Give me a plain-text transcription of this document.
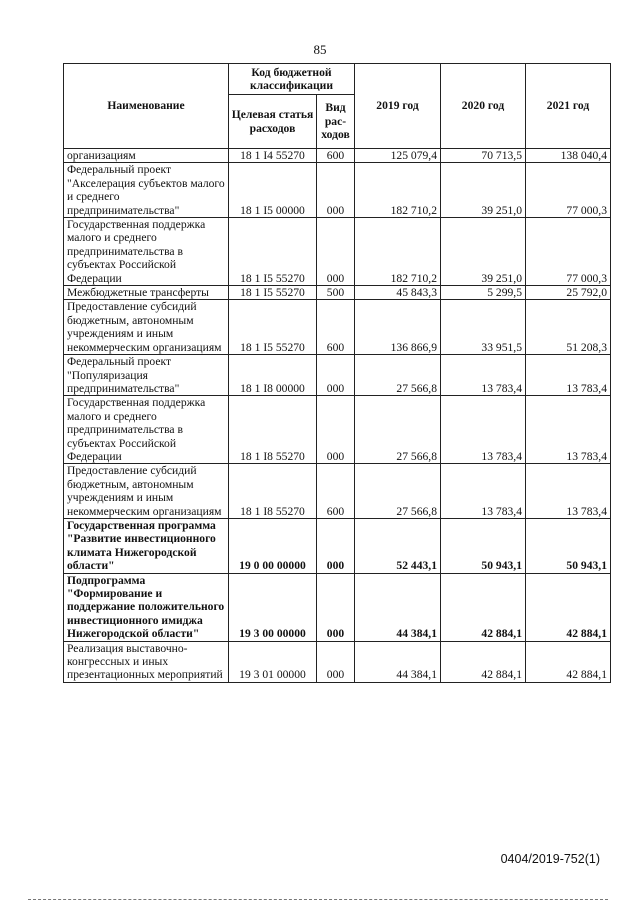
85
Наименование	Код бюджетной классификации		2019 год	2020 год	2021 год
	Целевая статья расходов	Вид рас-ходов			
организациям	18 1 I4 55270	600	125 079,4	70 713,5	138 040,4
Федеральный проект "Акселерация субъектов малого и среднего предпринимательства"	18 1 I5 00000	000	182 710,2	39 251,0	77 000,3
Государственная поддержка малого и среднего предпринимательства в субъектах Российской Федерации	18 1 I5 55270	000	182 710,2	39 251,0	77 000,3
Межбюджетные трансферты	18 1 I5 55270	500	45 843,3	5 299,5	25 792,0
Предоставление субсидий бюджетным, автономным учреждениям и иным некоммерческим организациям	18 1 I5 55270	600	136 866,9	33 951,5	51 208,3
Федеральный проект "Популяризация предпринимательства"	18 1 I8 00000	000	27 566,8	13 783,4	13 783,4
Государственная поддержка малого и среднего предпринимательства в субъектах Российской Федерации	18 1 I8 55270	000	27 566,8	13 783,4	13 783,4
Предоставление субсидий бюджетным, автономным учреждениям и иным некоммерческим организациям	18 1 I8 55270	600	27 566,8	13 783,4	13 783,4
Государственная программа "Развитие инвестиционного климата Нижегородской области"	19 0 00 00000	000	52 443,1	50 943,1	50 943,1
Подпрограмма "Формирование и поддержание положительного инвестиционного имиджа Нижегородской области"	19 3 00 00000	000	44 384,1	42 884,1	42 884,1
Реализация выставочно-конгрессных и иных презентационных мероприятий	19 3 01 00000	000	44 384,1	42 884,1	42 884,1
0404/2019-752(1)
